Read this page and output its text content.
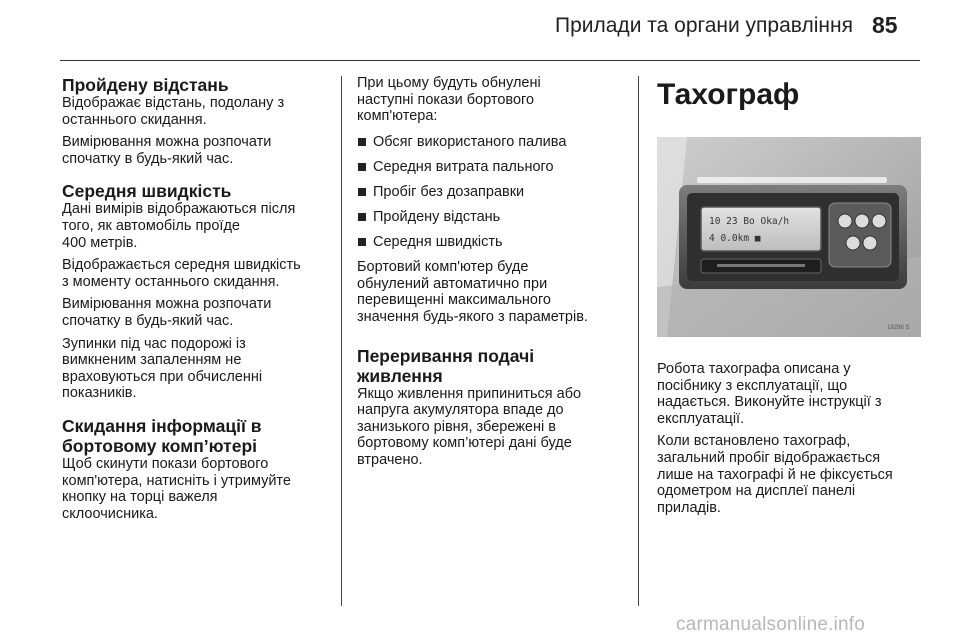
Прилади та органи управління 85
Пройдену відстань
Відображає відстань, подолану з
останнього скидання.
Вимірювання можна розпочати
спочатку в будь-який час.
Середня швидкість
Дані вимірів відображаються після
того, як автомобіль проїде
400 метрів.
Відображається середня швидкість
з моменту останнього скидання.
Вимірювання можна розпочати
спочатку в будь-який час.
Зупинки під час подорожі із
вимкненим запаленням не
враховуються при обчисленні
показників.
Скидання інформації в
бортовому комп’ютері
Щоб скинути покази бортового
комп'ютера, натисніть і утримуйте
кнопку на торці важеля
склоочисника.
При цьому будуть обнулені
наступні покази бортового
комп'ютера:
Обсяг використаного палива
Середня витрата пального
Пробіг без дозаправки
Пройдену відстань
Середня швидкість
Бортовий комп'ютер буде
обнулений автоматично при
перевищенні максимального
значення будь-якого з параметрів.
Переривання подачі
живлення
Якщо живлення припиниться або
напруга акумулятора впаде до
занизького рівня, збережені в
бортовому комп’ютері дані буде
втрачено.
Тахограф
10 23 Bo Oka/h
4 0.0km ■
18298 S
Робота тахографа описана у
посібнику з експлуатації, що
надається. Виконуйте інструкції з
експлуатації.
Коли встановлено тахограф,
загальний пробіг відображається
лише на тахографі й не фіксується
одометром на дисплеї панелі
приладів.
carmanualsonline.info
